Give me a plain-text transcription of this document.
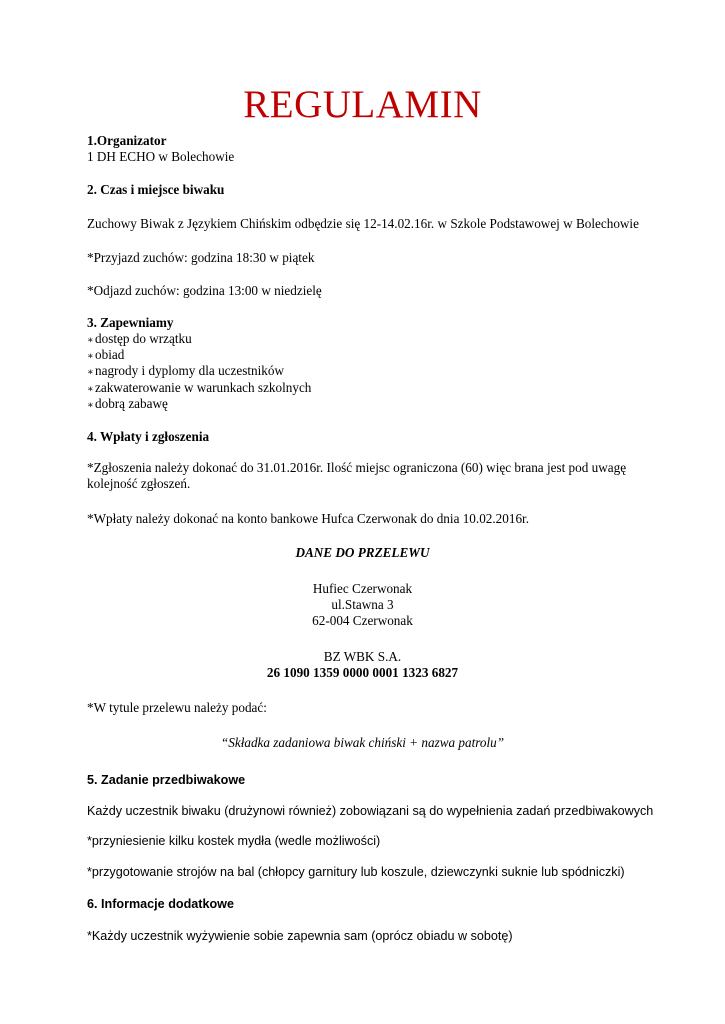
REGULAMIN
1.Organizator
1 DH ECHO w Bolechowie
2. Czas i miejsce biwaku
Zuchowy Biwak z Językiem Chińskim odbędzie się 12-14.02.16r. w Szkole Podstawowej w Bolechowie
*Przyjazd zuchów: godzina 18:30 w piątek
*Odjazd zuchów: godzina 13:00 w niedzielę
3. Zapewniamy
∗dostęp do wrzątku
∗obiad
∗nagrody i dyplomy dla uczestników
∗zakwaterowanie w warunkach szkolnych
∗dobrą zabawę
4. Wpłaty i zgłoszenia
*Zgłoszenia należy dokonać do 31.01.2016r. Ilość miejsc ograniczona (60) więc brana jest pod uwagę
kolejność zgłoszeń.
*Wpłaty należy dokonać na konto bankowe Hufca Czerwonak do dnia 10.02.2016r.
DANE DO PRZELEWU
Hufiec Czerwonak
ul.Stawna 3
62-004 Czerwonak
BZ WBK S.A.
26 1090 1359 0000 0001 1323 6827
*W tytule przelewu należy podać:
“Składka zadaniowa biwak chiński + nazwa patrolu”
5. Zadanie przedbiwakowe
Każdy uczestnik biwaku (drużynowi również) zobowiązani są do wypełnienia zadań przedbiwakowych
*przyniesienie kilku kostek mydła (wedle możliwości)
*przygotowanie strojów na bal (chłopcy garnitury lub koszule, dziewczynki suknie lub spódniczki)
6. Informacje dodatkowe
*Każdy uczestnik wyżywienie sobie zapewnia sam (oprócz obiadu w sobotę)
